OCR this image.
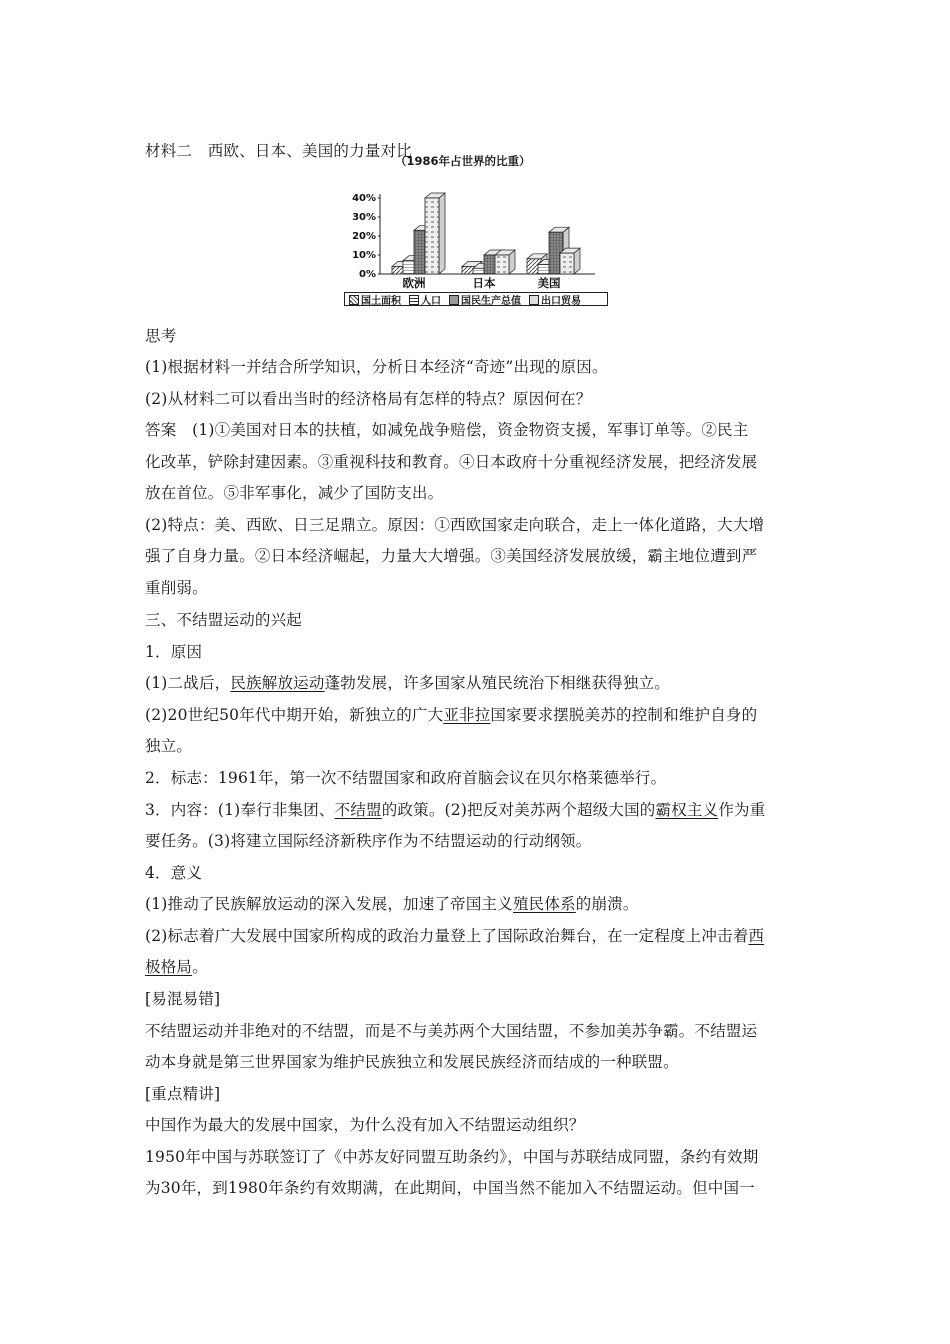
材料二　西欧、日本、美国的力量对比
（1986年占世界的比重）
0%
10%
20%
30%
40%
欧洲	日本	美国
国土面积	人口	国民生产总值	出口贸易
思考
(1)根据材料一并结合所学知识，分析日本经济“奇迹”出现的原因。
(2)从材料二可以看出当时的经济格局有怎样的特点？原因何在？
答案　(1)①美国对日本的扶植，如减免战争赔偿，资金物资支援，军事订单等。②民主
化改革，铲除封建因素。③重视科技和教育。④日本政府十分重视经济发展，把经济发展
放在首位。⑤非军事化，减少了国防支出。
(2)特点：美、西欧、日三足鼎立。原因：①西欧国家走向联合，走上一体化道路，大大增
强了自身力量。②日本经济崛起，力量大大增强。③美国经济发展放缓，霸主地位遭到严
重削弱。
三、不结盟运动的兴起
1．原因
(1)二战后，民族解放运动蓬勃发展，许多国家从殖民统治下相继获得独立。
(2)20世纪50年代中期开始，新独立的广大亚非拉国家要求摆脱美苏的控制和维护自身的
独立。
2．标志：1961年，第一次不结盟国家和政府首脑会议在贝尔格莱德举行。
3．内容：(1)奉行非集团、不结盟的政策。(2)把反对美苏两个超级大国的霸权主义作为重
要任务。(3)将建立国际经济新秩序作为不结盟运动的行动纲领。
4．意义
(1)推动了民族解放运动的深入发展，加速了帝国主义殖民体系的崩溃。
(2)标志着广大发展中国家所构成的政治力量登上了国际政治舞台，在一定程度上冲击着西
极格局。
[易混易错]
不结盟运动并非绝对的不结盟，而是不与美苏两个大国结盟，不参加美苏争霸。不结盟运
动本身就是第三世界国家为维护民族独立和发展民族经济而结成的一种联盟。
[重点精讲]
中国作为最大的发展中国家，为什么没有加入不结盟运动组织？
1950年中国与苏联签订了《中苏友好同盟互助条约》，中国与苏联结成同盟，条约有效期
为30年，到1980年条约有效期满，在此期间，中国当然不能加入不结盟运动。但中国一
